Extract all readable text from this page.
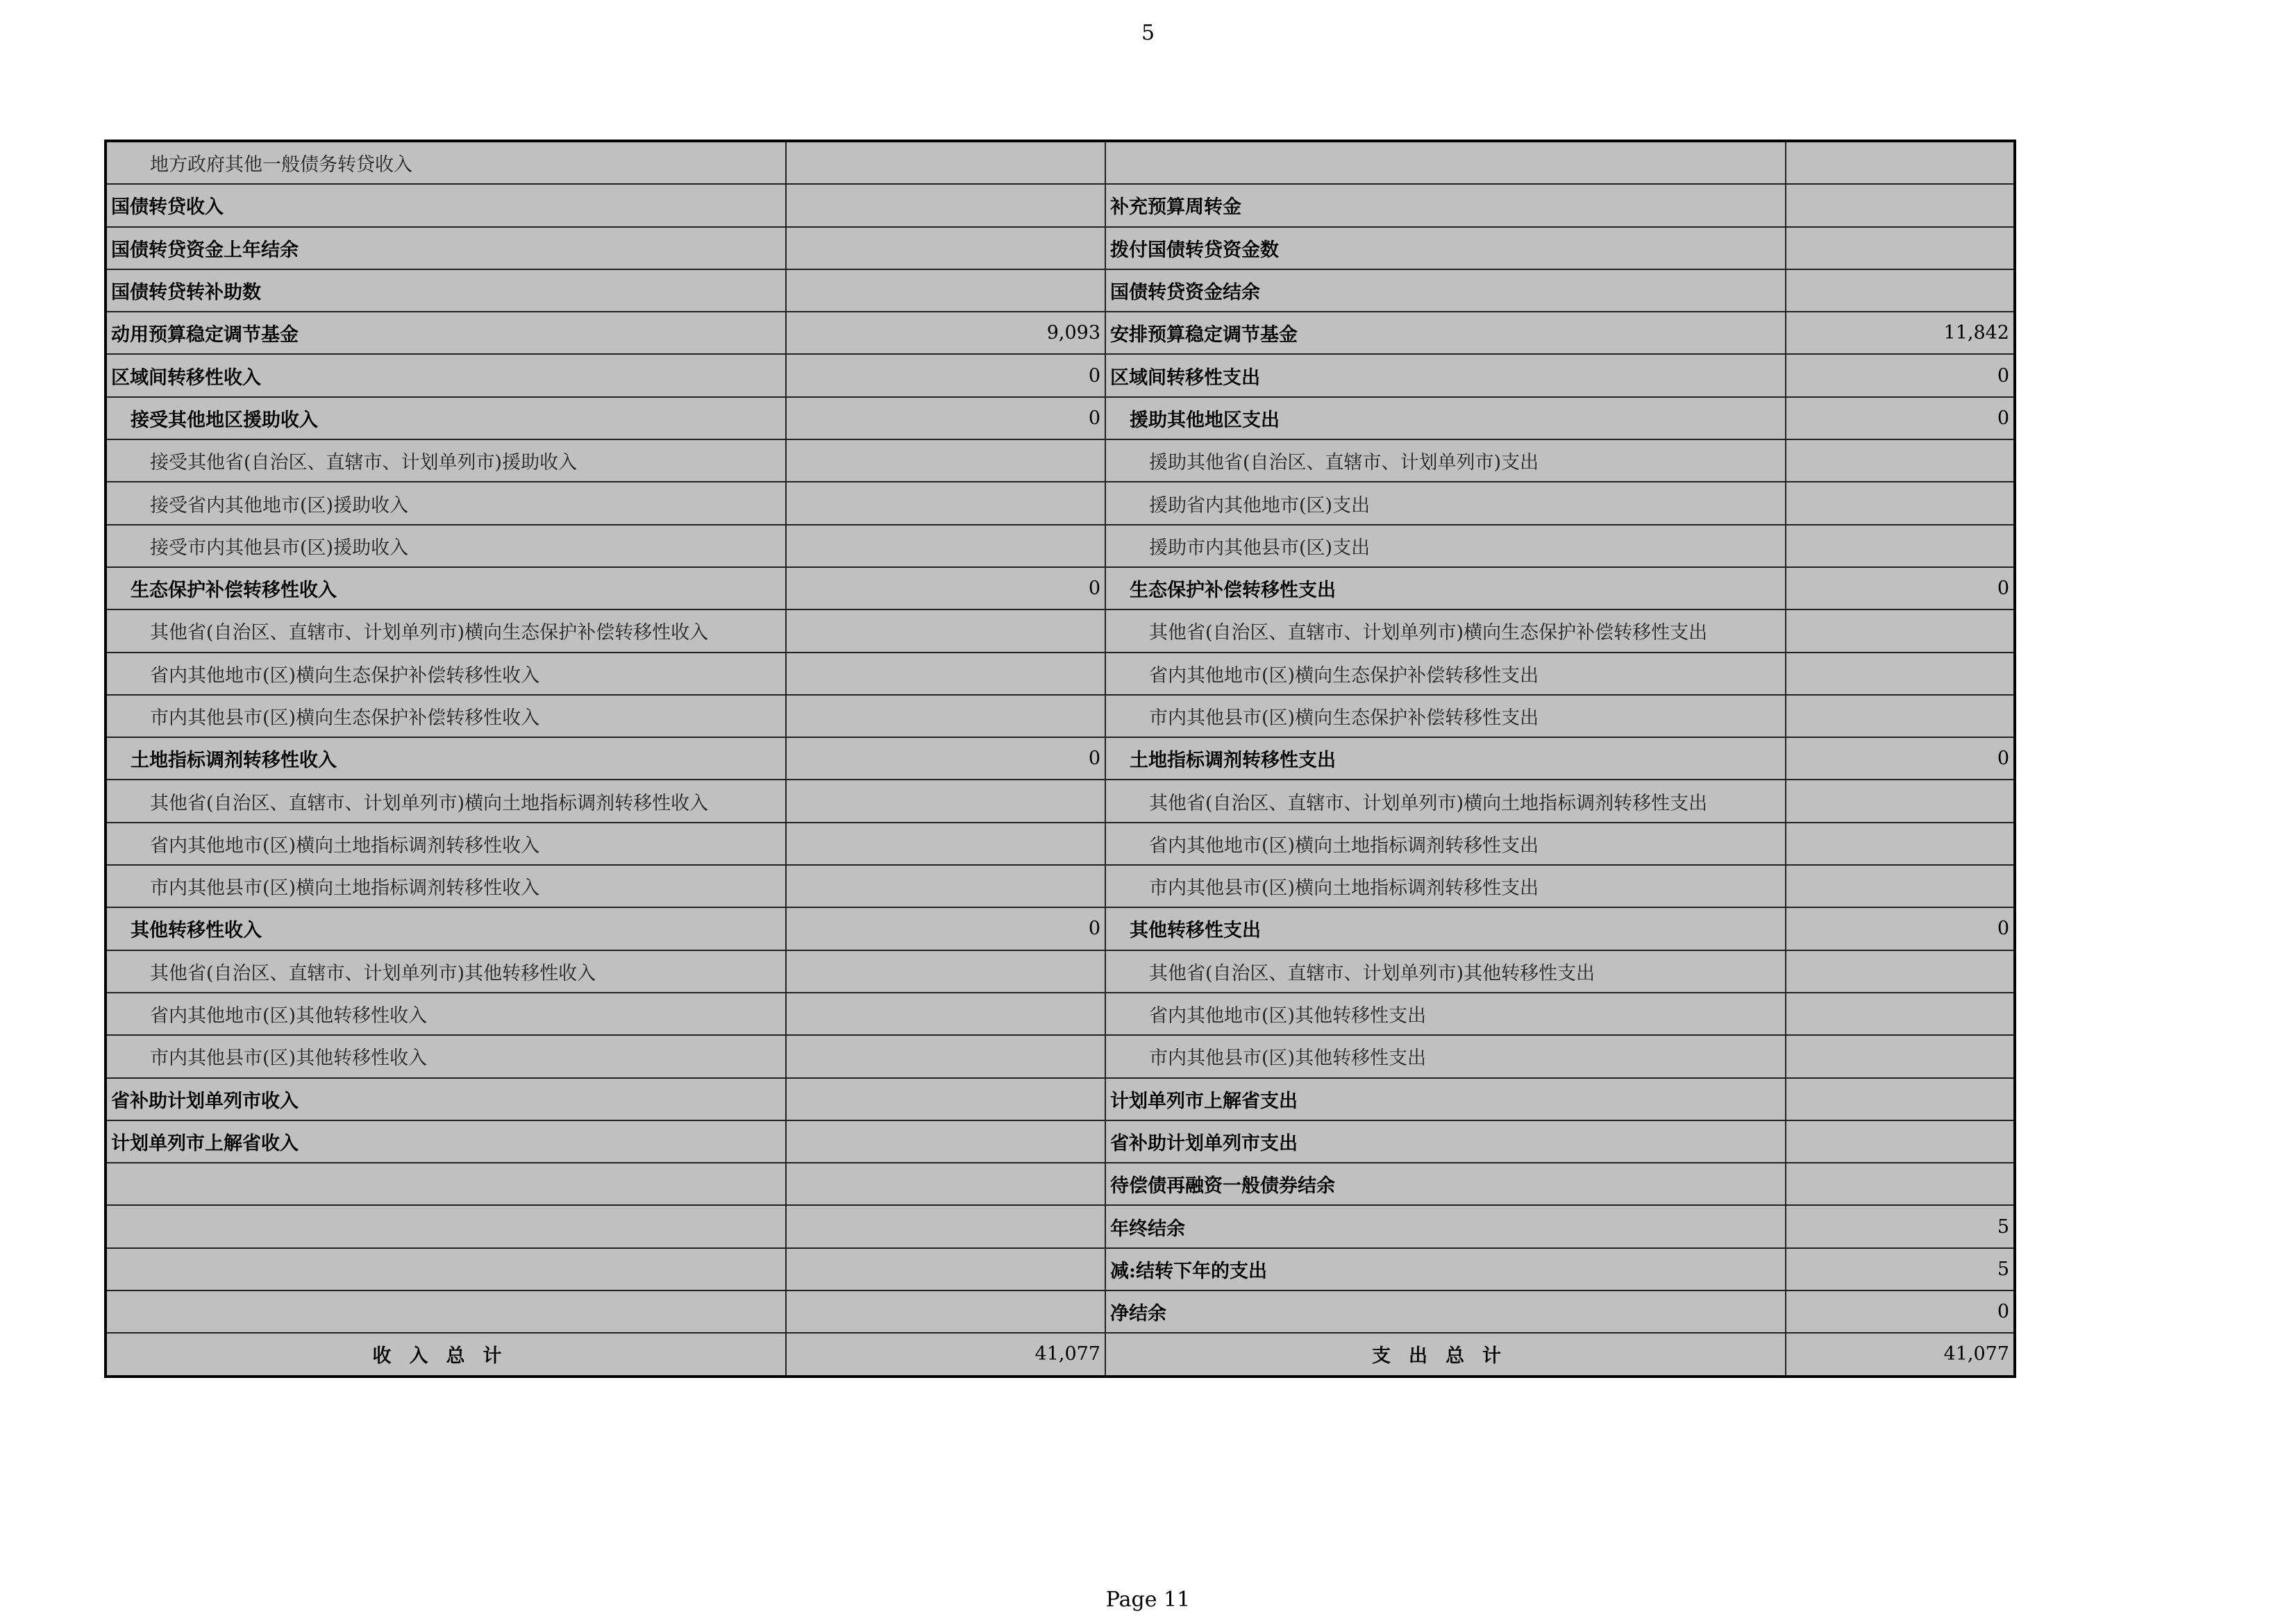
5
地方政府其他一般债务转贷收入			
国债转贷收入		补充预算周转金	
国债转贷资金上年结余		拨付国债转贷资金数	
国债转贷转补助数		国债转贷资金结余	
动用预算稳定调节基金	9,093	安排预算稳定调节基金	11,842
区域间转移性收入	0	区域间转移性支出	0
接受其他地区援助收入	0	援助其他地区支出	0
接受其他省(自治区、直辖市、计划单列市)援助收入		援助其他省(自治区、直辖市、计划单列市)支出	
接受省内其他地市(区)援助收入		援助省内其他地市(区)支出	
接受市内其他县市(区)援助收入		援助市内其他县市(区)支出	
生态保护补偿转移性收入	0	生态保护补偿转移性支出	0
其他省(自治区、直辖市、计划单列市)横向生态保护补偿转移性收入		其他省(自治区、直辖市、计划单列市)横向生态保护补偿转移性支出	
省内其他地市(区)横向生态保护补偿转移性收入		省内其他地市(区)横向生态保护补偿转移性支出	
市内其他县市(区)横向生态保护补偿转移性收入		市内其他县市(区)横向生态保护补偿转移性支出	
土地指标调剂转移性收入	0	土地指标调剂转移性支出	0
其他省(自治区、直辖市、计划单列市)横向土地指标调剂转移性收入		其他省(自治区、直辖市、计划单列市)横向土地指标调剂转移性支出	
省内其他地市(区)横向土地指标调剂转移性收入		省内其他地市(区)横向土地指标调剂转移性支出	
市内其他县市(区)横向土地指标调剂转移性收入		市内其他县市(区)横向土地指标调剂转移性支出	
其他转移性收入	0	其他转移性支出	0
其他省(自治区、直辖市、计划单列市)其他转移性收入		其他省(自治区、直辖市、计划单列市)其他转移性支出	
省内其他地市(区)其他转移性收入		省内其他地市(区)其他转移性支出	
市内其他县市(区)其他转移性收入		市内其他县市(区)其他转移性支出	
省补助计划单列市收入		计划单列市上解省支出	
计划单列市上解省收入		省补助计划单列市支出	
		待偿债再融资一般债券结余	
		年终结余	5
		减:结转下年的支出	5
		净结余	0
收入总计	41,077	支出总计	41,077
Page 11
